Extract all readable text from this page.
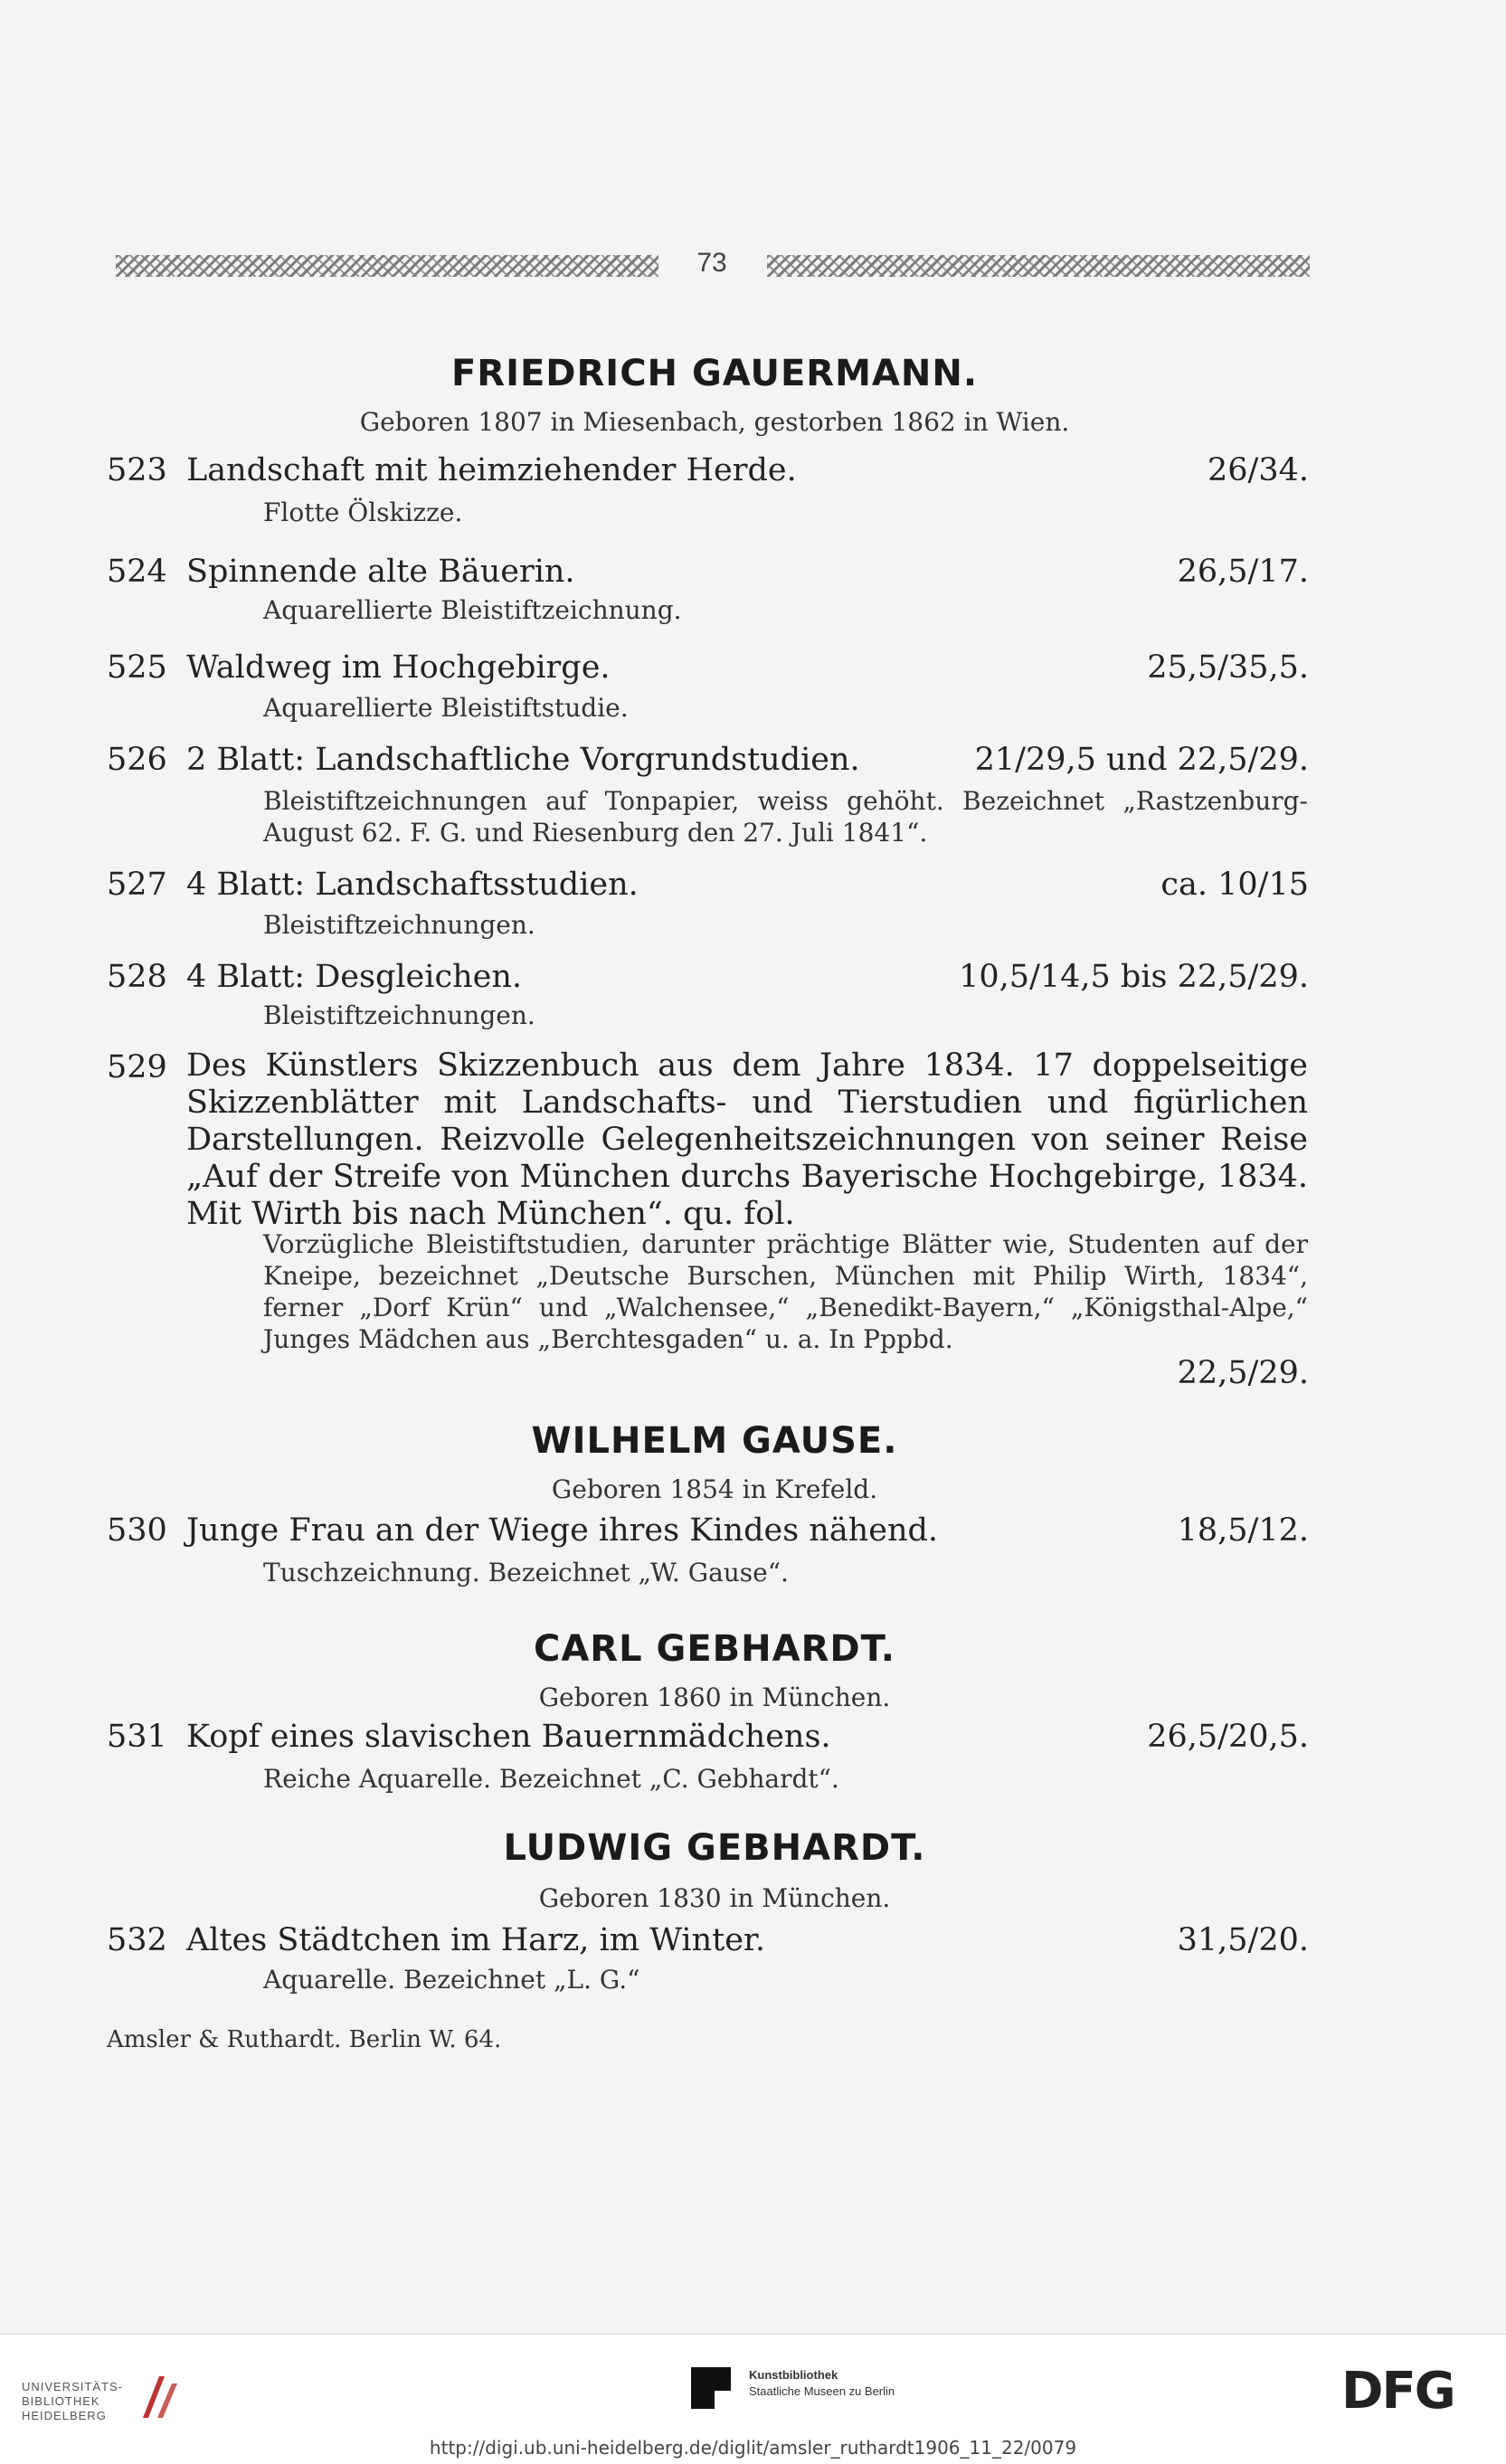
73
FRIEDRICH GAUERMANN.
Geboren 1807 in Miesenbach, gestorben 1862 in Wien.
523 Landschaft mit heimziehender Herde.	26/34.
Flotte Ölskizze.
524 Spinnende alte Bäuerin.	26,5/17.
Aquarellierte Bleistiftzeichnung.
525 Waldweg im Hochgebirge.	25,5/35,5.
Aquarellierte Bleistiftstudie.
526 2 Blatt: Landschaftliche Vorgrundstudien.	21/29,5 und 22,5/29.
Bleistiftzeichnungen auf Tonpapier, weiss gehöht. Bezeichnet „Rastzenburg-August 62. F. G. und Riesenburg den 27. Juli 1841“.
527 4 Blatt: Landschaftsstudien.	ca. 10/15
Bleistiftzeichnungen.
528 4 Blatt: Desgleichen.	10,5/14,5 bis 22,5/29.
Bleistiftzeichnungen.
529 Des Künstlers Skizzenbuch aus dem Jahre 1834. 17 doppelseitige Skizzenblätter mit Landschafts- und Tierstudien und figürlichen Darstellungen. Reizvolle Gelegenheitszeichnungen von seiner Reise „Auf der Streife von München durchs Bayerische Hochgebirge, 1834. Mit Wirth bis nach München“. qu. fol.
Vorzügliche Bleistiftstudien, darunter prächtige Blätter wie, Studenten auf der Kneipe, bezeichnet „Deutsche Burschen, München mit Philip Wirth, 1834“, ferner „Dorf Krün“ und „Walchensee,“ „Benedikt-Bayern,“ „Königsthal-Alpe,“ Junges Mädchen aus „Berchtesgaden“ u. a. In Pppbd.
22,5/29.
WILHELM GAUSE.
Geboren 1854 in Krefeld.
530 Junge Frau an der Wiege ihres Kindes nähend.	18,5/12.
Tuschzeichnung. Bezeichnet „W. Gause“.
CARL GEBHARDT.
Geboren 1860 in München.
531 Kopf eines slavischen Bauernmädchens.	26,5/20,5.
Reiche Aquarelle. Bezeichnet „C. Gebhardt“.
LUDWIG GEBHARDT.
Geboren 1830 in München.
532 Altes Städtchen im Harz, im Winter.	31,5/20.
Aquarelle. Bezeichnet „L. G.“
Amsler & Ruthardt. Berlin W. 64.
UNIVERSITÄTS-
BIBLIOTHEK
HEIDELBERG
Kunstbibliothek
Staatliche Museen zu Berlin	DFG
http://digi.ub.uni-heidelberg.de/diglit/amsler_ruthardt1906_11_22/0079
